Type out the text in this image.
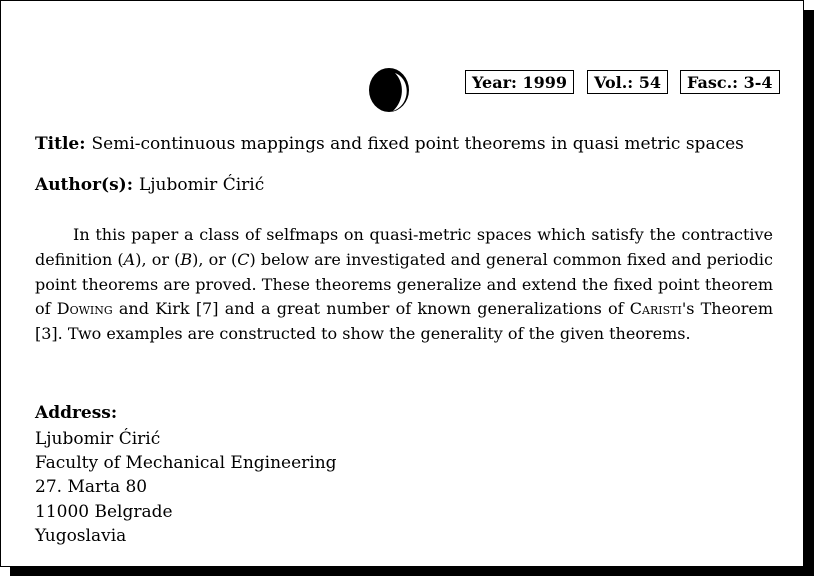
Year: 1999	Vol.: 54	Fasc.: 3-4
Title: Semi-continuous mappings and fixed point theorems in quasi metric spaces
Author(s): Ljubomir Ćirić

In this paper a class of selfmaps on quasi-metric spaces which satisfy the contractive definition (A), or (B), or (C) below are investigated and general common fixed and periodic point theorems are proved. These theorems generalize and extend the fixed point theorem of Dowing and Kirk [7] and a great number of known generalizations of Caristi's Theorem [3]. Two examples are constructed to show the generality of the given theorems.

Address:
Ljubomir Ćirić
Faculty of Mechanical Engineering
27. Marta 80
11000 Belgrade
Yugoslavia
